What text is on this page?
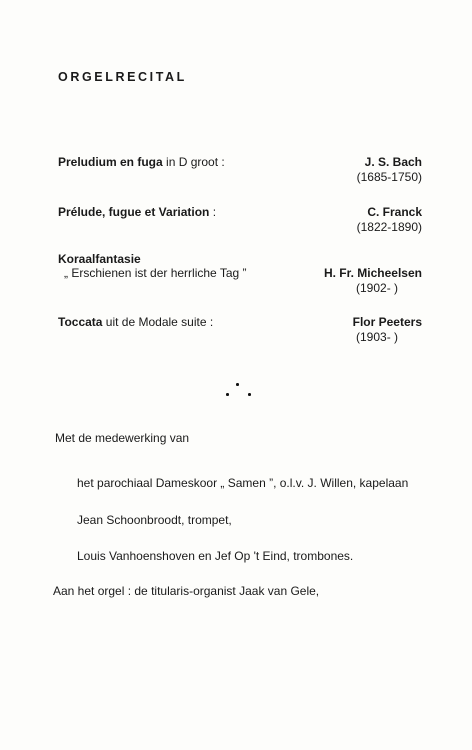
ORGELRECITAL
Preludium en fuga in D groot :	J. S. Bach
(1685-1750)
Prélude, fugue et Variation :	C. Franck
(1822-1890)
Koraalfantasie
„ Erschienen ist der herrliche Tag ”	H. Fr. Micheelsen
(1902- )
Toccata uit de Modale suite :	Flor Peeters
(1903- )
Met de medewerking van
het parochiaal Dameskoor „ Samen ”, o.l.v. J. Willen, kapelaan
Jean Schoonbroodt, trompet,
Louis Vanhoenshoven en Jef Op 't Eind, trombones.
Aan het orgel : de titularis-organist Jaak van Gele,
